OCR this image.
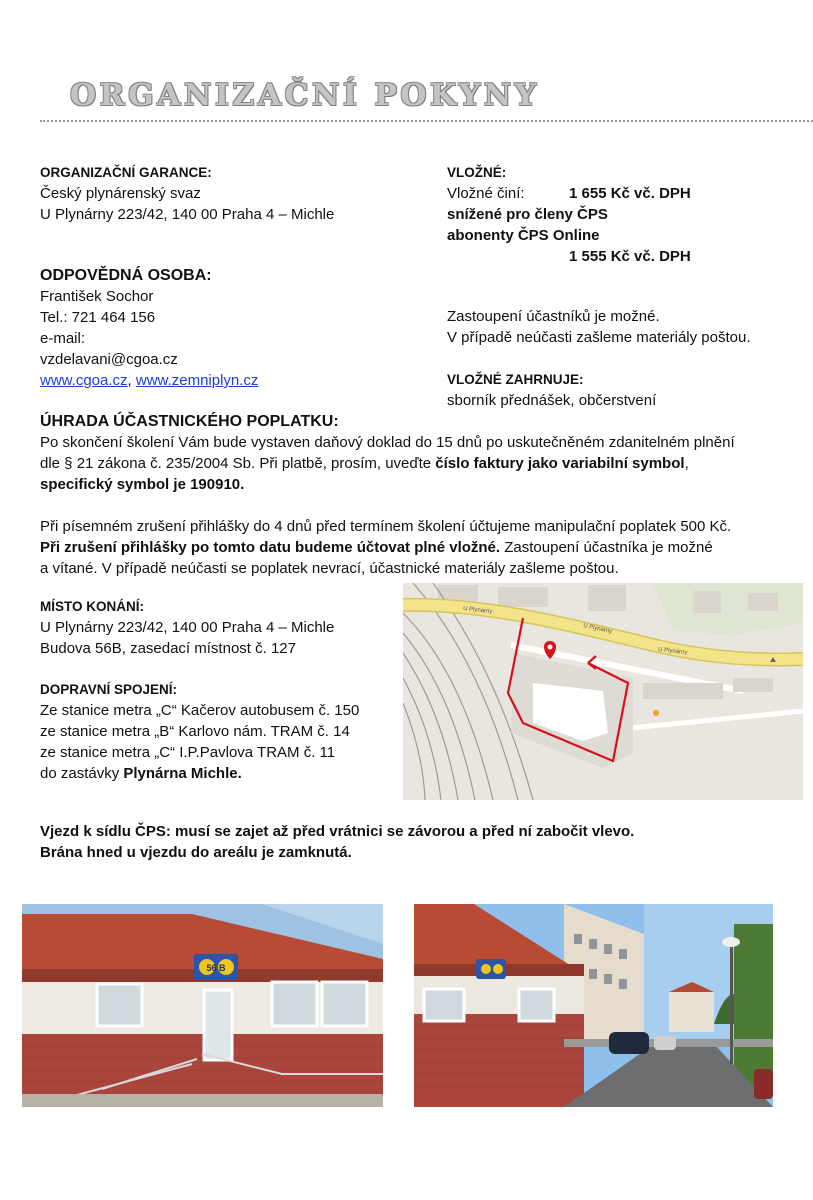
ORGANIZAČNÍ POKYNY
ORGANIZAČNÍ GARANCE:
Český plynárenský svaz
U Plynárny 223/42, 140 00 Praha 4 – Michle
ODPOVĚDNÁ OSOBA:
František Sochor
Tel.: 721 464 156
e-mail:
vzdelavani@cgoa.cz
www.cgoa.cz, www.zemniplyn.cz
VLOŽNÉ:
Vložné činí:	1 655 Kč vč. DPH
snížené pro členy ČPS
abonenty ČPS Online
1 555 Kč vč. DPH
Zastoupení účastníků je možné.
V případě neúčasti zašleme materiály poštou.
VLOŽNÉ ZAHRNUJE:
sborník přednášek, občerstvení
ÚHRADA ÚČASTNICKÉHO POPLATKU:
Po skončení školení Vám bude vystaven daňový doklad do 15 dnů po uskutečněném zdanitelném plnění
dle § 21 zákona č. 235/2004 Sb. Při platbě, prosím, uveďte číslo faktury jako variabilní symbol,
specifický symbol je 190910.
Při písemném zrušení přihlášky do 4 dnů před termínem školení účtujeme manipulační poplatek 500 Kč.
Při zrušení přihlášky po tomto datu budeme účtovat plné vložné. Zastoupení účastníka je možné
a vítané. V případě neúčasti se poplatek nevrací, účastnické materiály zašleme poštou.
MÍSTO KONÁNÍ:
U Plynárny 223/42, 140 00 Praha 4 – Michle
Budova 56B, zasedací místnost č. 127
DOPRAVNÍ SPOJENÍ:
Ze stanice metra „C“ Kačerov autobusem č. 150
ze stanice metra „B“ Karlovo nám. TRAM č. 14
ze stanice metra „C“ I.P.Pavlova TRAM č. 11
do zastávky Plynárna Michle.
U Plynárny
U Plynárny
U Plynárny
Vjezd k sídlu ČPS: musí se zajet až před vrátnici se závorou a před ní zabočit vlevo.
Brána hned u vjezdu do areálu je zamknutá.
56 B
